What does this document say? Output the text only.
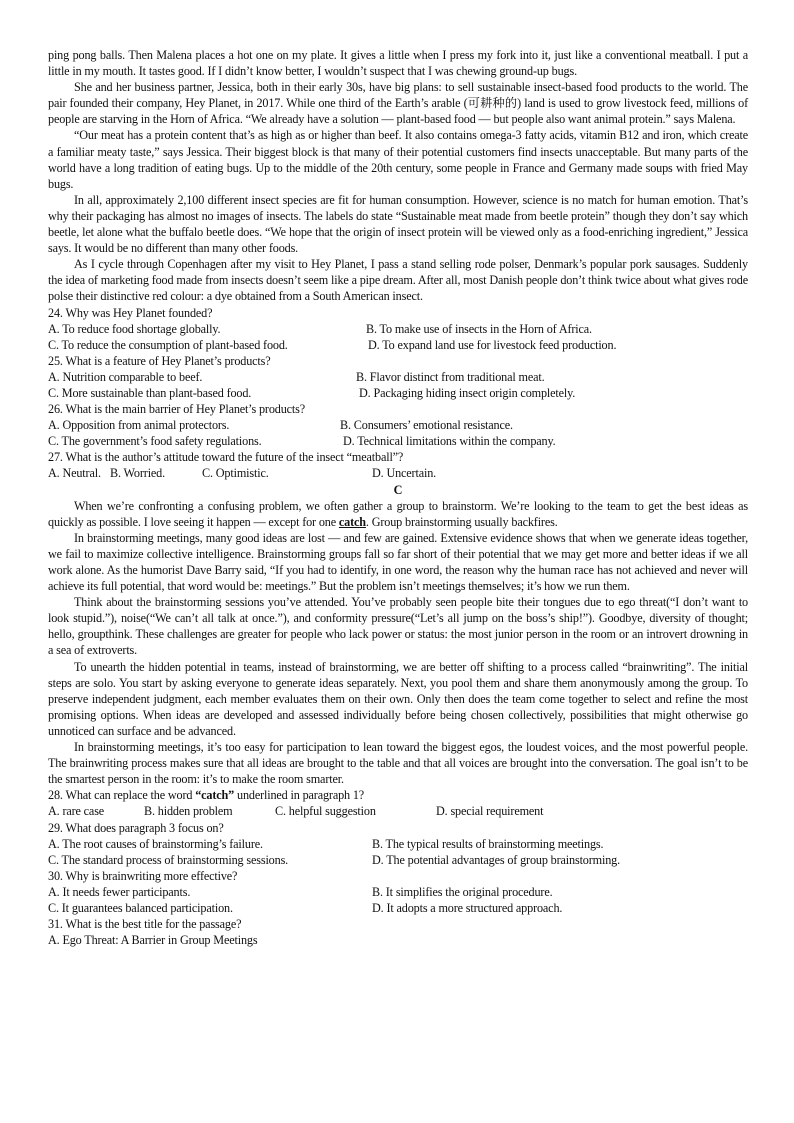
ping pong balls. Then Malena places a hot one on my plate. It gives a little when I press my fork into it, just like a conventional meatball. I put a little in my mouth. It tastes good. If I didn’t know better, I wouldn’t suspect that I was chewing ground-up bugs.

She and her business partner, Jessica, both in their early 30s, have big plans: to sell sustainable insect-based food products to the world. The pair founded their company, Hey Planet, in 2017. While one third of the Earth’s arable (可耕种的) land is used to grow livestock feed, millions of people are starving in the Horn of Africa. “We already have a solution — plant-based food — but people also want animal protein.” says Malena.

“Our meat has a protein content that’s as high as or higher than beef. It also contains omega-3 fatty acids, vitamin B12 and iron, which create a familiar meaty taste,” says Jessica. Their biggest block is that many of their potential customers find insects unacceptable. But many parts of the world have a long tradition of eating bugs. Up to the middle of the 20th century, some people in France and Germany made soups with fried May bugs.

In all, approximately 2,100 different insect species are fit for human consumption. However, science is no match for human emotion. That’s why their packaging has almost no images of insects. The labels do state “Sustainable meat made from beetle protein” though they don’t say which beetle, let alone what the buffalo beetle does. “We hope that the origin of insect protein will be viewed only as a food-enriching ingredient,” Jessica says. It would be no different than many other foods.

As I cycle through Copenhagen after my visit to Hey Planet, I pass a stand selling rode polser, Denmark’s popular pork sausages. Suddenly the idea of marketing food made from insects doesn’t seem like a pipe dream. After all, most Danish people don’t think twice about what gives rode polse their distinctive red colour: a dye obtained from a South American insect.

24. Why was Hey Planet founded?
A. To reduce food shortage globally.	B. To make use of insects in the Horn of Africa.
C. To reduce the consumption of plant-based food.	D. To expand land use for livestock feed production.
25. What is a feature of Hey Planet’s products?
A. Nutrition comparable to beef.	B. Flavor distinct from traditional meat.
C. More sustainable than plant-based food.	D. Packaging hiding insect origin completely.
26. What is the main barrier of Hey Planet’s products?
A. Opposition from animal protectors.	B. Consumers’ emotional resistance.
C. The government’s food safety regulations.	D. Technical limitations within the company.
27. What is the author’s attitude toward the future of the insect “meatball”?
A. Neutral. B. Worried.	C. Optimistic.	D. Uncertain.
C

When we’re confronting a confusing problem, we often gather a group to brainstorm. We’re looking to the team to get the best ideas as quickly as possible. I love seeing it happen — except for one catch. Group brainstorming usually backfires.

In brainstorming meetings, many good ideas are lost — and few are gained. Extensive evidence shows that when we generate ideas together, we fail to maximize collective intelligence. Brainstorming groups fall so far short of their potential that we may get more and better ideas if we all work alone. As the humorist Dave Barry said, “If you had to identify, in one word, the reason why the human race has not achieved and never will achieve its full potential, that word would be: meetings.” But the problem isn’t meetings themselves; it’s how we run them.

Think about the brainstorming sessions you’ve attended. You’ve probably seen people bite their tongues due to ego threat(“I don’t want to look stupid.”), noise(“We can’t all talk at once.”), and conformity pressure(“Let’s all jump on the boss’s ship!”). Goodbye, diversity of thought; hello, groupthink. These challenges are greater for people who lack power or status: the most junior person in the room or an introvert drowning in a sea of extroverts.

To unearth the hidden potential in teams, instead of brainstorming, we are better off shifting to a process called “brainwriting”. The initial steps are solo. You start by asking everyone to generate ideas separately. Next, you pool them and share them anonymously among the group. To preserve independent judgment, each member evaluates them on their own. Only then does the team come together to select and refine the most promising options. When ideas are developed and assessed individually before being chosen collectively, possibilities that might otherwise go unnoticed can surface and be advanced.

In brainstorming meetings, it’s too easy for participation to lean toward the biggest egos, the loudest voices, and the most powerful people. The brainwriting process makes sure that all ideas are brought to the table and that all voices are brought into the conversation. The goal isn’t to be the smartest person in the room: it’s to make the room smarter.

28. What can replace the word “catch” underlined in paragraph 1?
A. rare case	B. hidden problem	C. helpful suggestion	D. special requirement
29. What does paragraph 3 focus on?
A. The root causes of brainstorming’s failure.	B. The typical results of brainstorming meetings.
C. The standard process of brainstorming sessions.	D. The potential advantages of group brainstorming.
30. Why is brainwriting more effective?
A. It needs fewer participants.	B. It simplifies the original procedure.
C. It guarantees balanced participation.	D. It adopts a more structured approach.
31. What is the best title for the passage?
A. Ego Threat: A Barrier in Group Meetings
